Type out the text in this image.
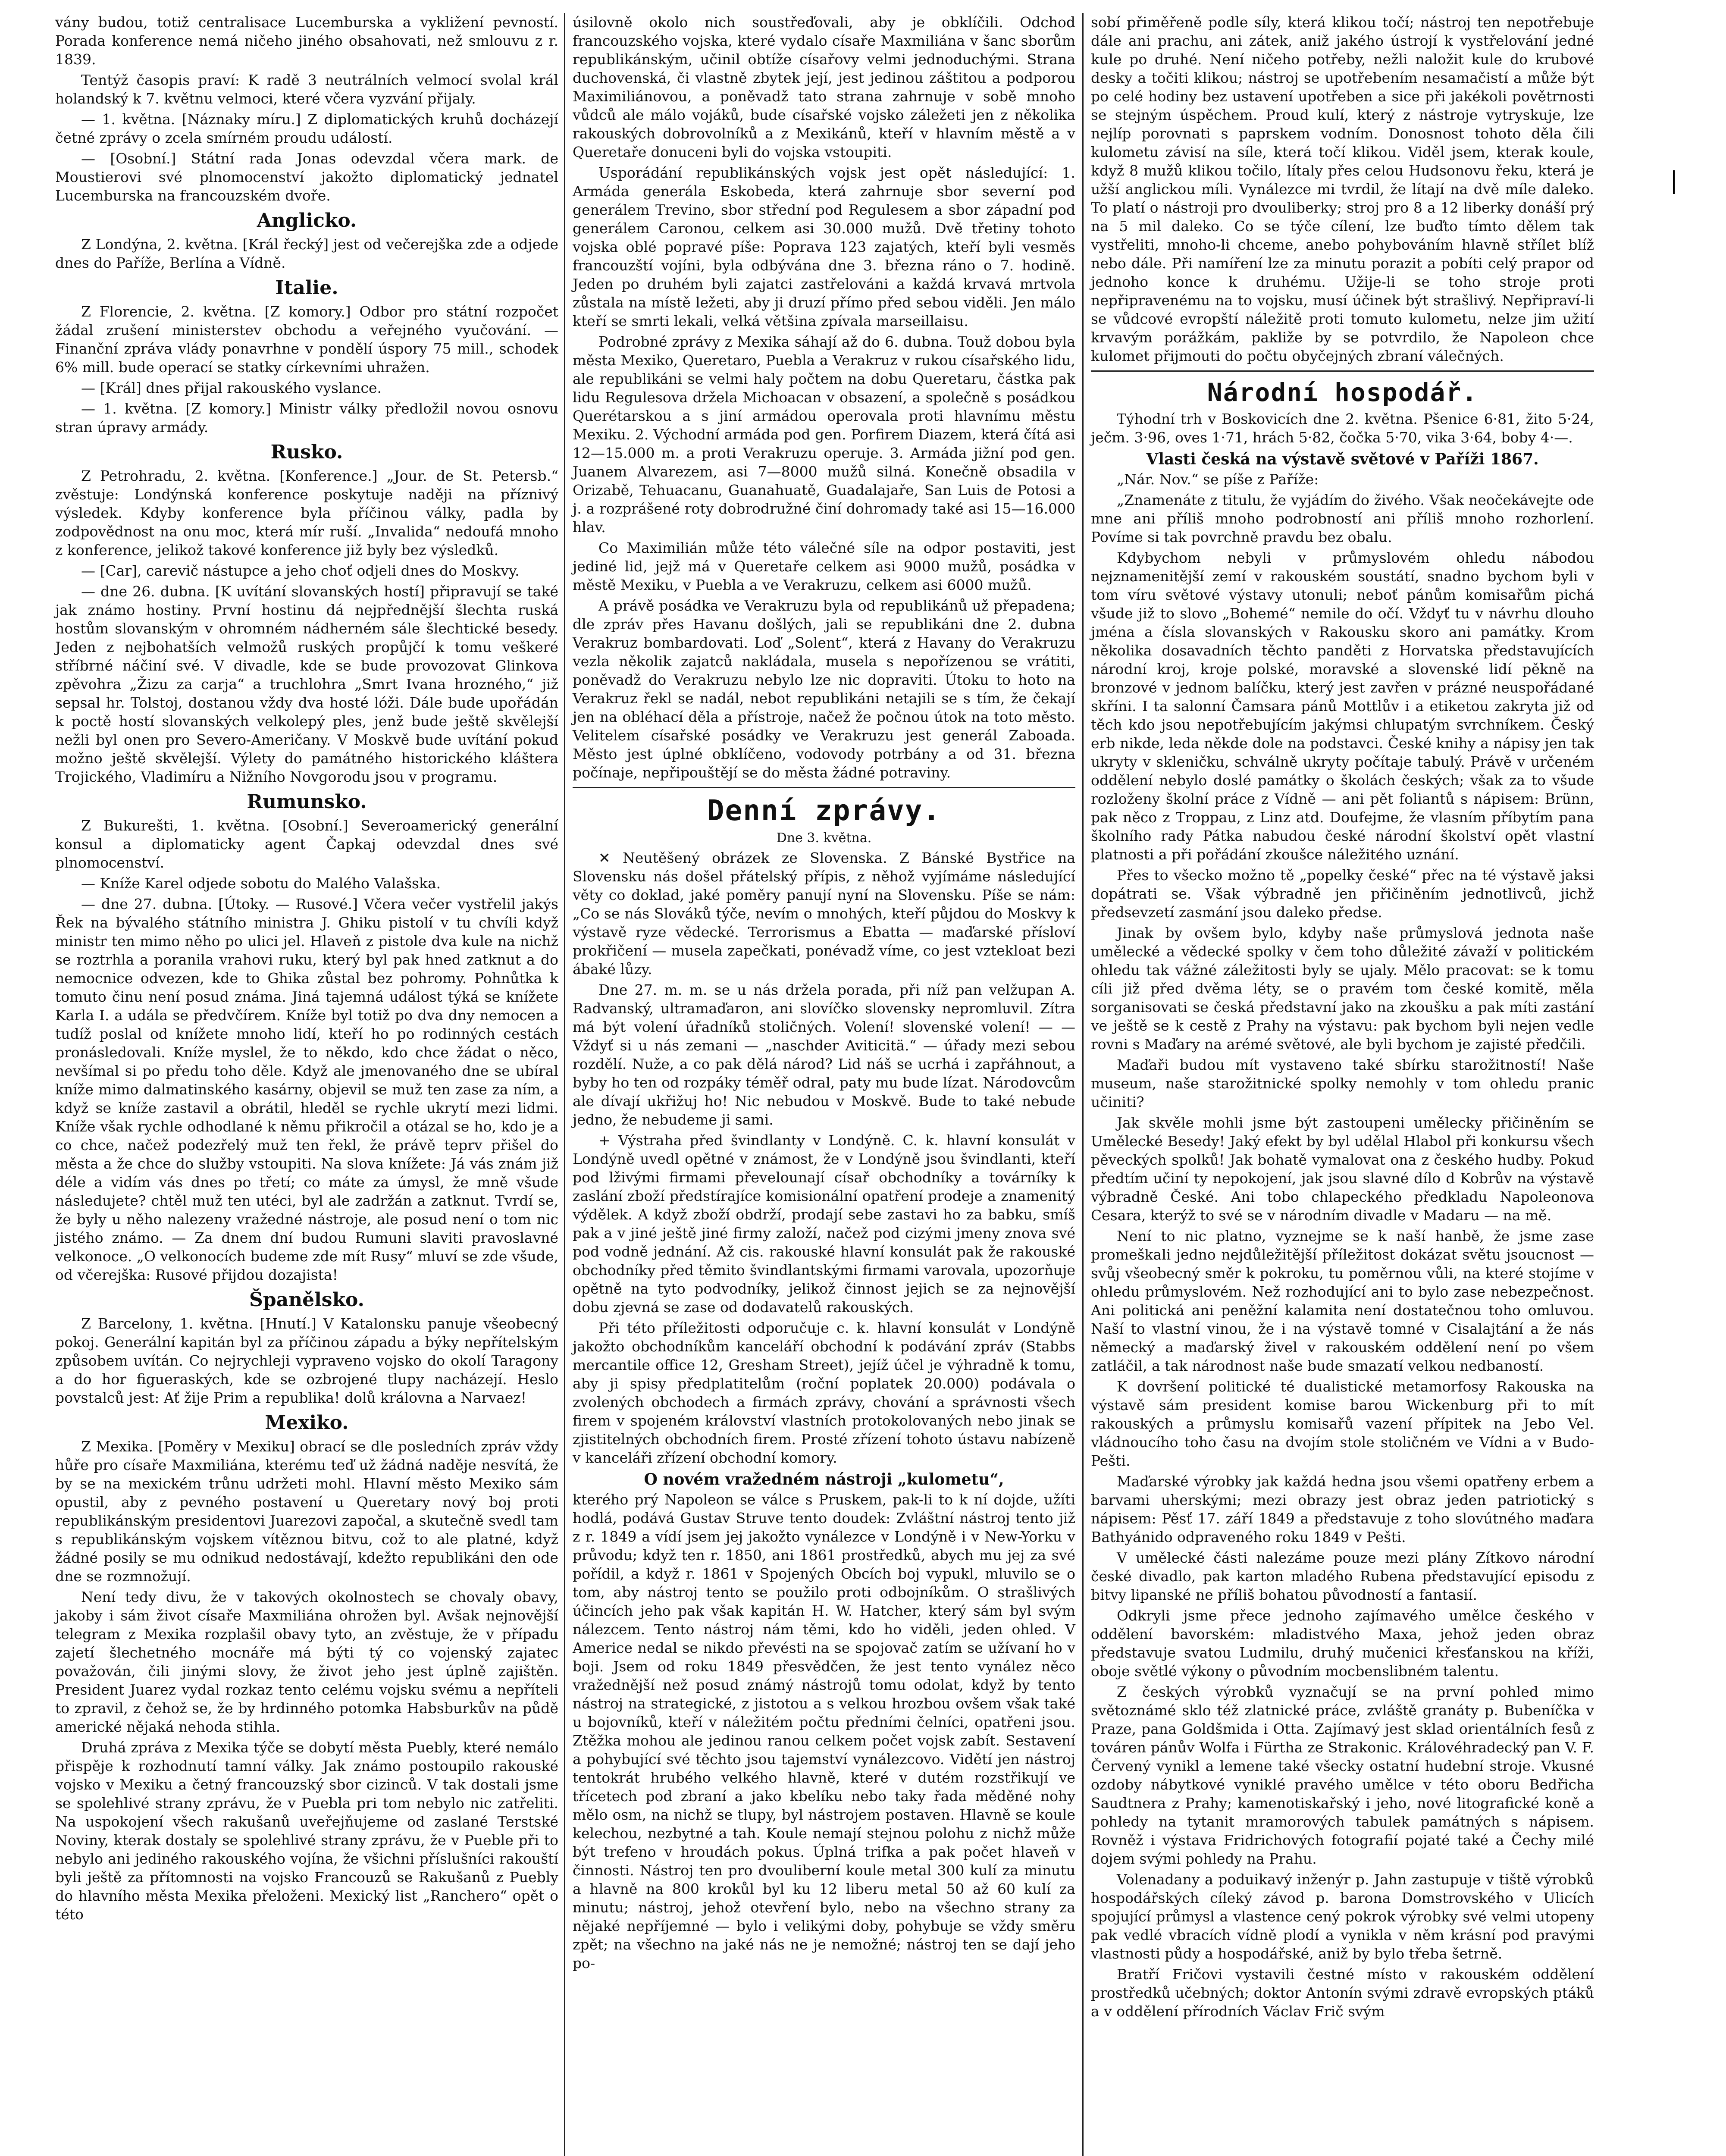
vány budou, totiž centralisace Lucemburska a vykližení pevností. Porada konference nemá ničeho jiného obsahovati, než smlouvu z r. 1839.

Tentýž časopis praví: K radě 3 neutrálních velmocí svolal král holandský k 7. květnu velmoci, které včera vyzvání přijaly.

— 1. května. [Náznaky míru.] Z diplomatických kruhů docházejí četné zprávy o zcela smírném proudu událostí.

— [Osobní.] Státní rada Jonas odevzdal včera mark. de Moustierovi své plnomocenství jakožto diplomatický jednatel Lucemburska na francouzském dvoře.

Anglicko.

Z Londýna, 2. května. [Král řecký] jest od večerejška zde a odjede dnes do Paříže, Berlína a Vídně.

Italie.

Z Florencie, 2. května. [Z komory.] Odbor pro státní rozpočet žádal zrušení ministerstev obchodu a veřejného vyučování. — Finanční zpráva vlády ponavrhne v pondělí úspory 75 mill., schodek 6% mill. bude operací se statky církevními uhražen.

— [Král] dnes přijal rakouského vyslance.

— 1. května. [Z komory.] Ministr války předložil novou osnovu stran úpravy armády.

Rusko.

Z Petrohradu, 2. května. [Konference.] „Jour. de St. Petersb.“ zvěstuje: Londýnská konference poskytuje naději na příznivý výsledek. Kdyby konference byla příčinou války, padla by zodpovědnost na onu moc, která mír ruší. „Invalida“ nedoufá mnoho z konference, jelikož takové konference již byly bez výsledků.

— [Car], carevič nástupce a jeho choť odjeli dnes do Moskvy.

— dne 26. dubna. [K uvítání slovanských hostí] připravují se také jak známo hostiny. První hostinu dá nejpřednější šlechta ruská hostům slovanským v ohromném nádherném sále šlechtické besedy. Jeden z nejbohatších velmožů ruských propůjčí k tomu veškeré stříbrné náčiní své. V divadle, kde se bude provozovat Glinkova zpěvohra „Žizu za carja“ a truchlohra „Smrt Ivana hrozného,“ již sepsal hr. Tolstoj, dostanou vždy dva hosté lóži. Dále bude upořádán k poctě hostí slovanských velkolepý ples, jenž bude ještě skvělejší nežli byl onen pro Severo-Američany. V Moskvě bude uvítání pokud možno ještě skvělejší. Výlety do památného historického kláštera Trojického, Vladimíru a Nižního Novgorodu jsou v programu.

Rumunsko.

Z Bukurešti, 1. května. [Osobní.] Severoamerický generální konsul a diplomaticky agent Čapkaj odevzdal dnes své plnomocenství.

— Kníže Karel odjede sobotu do Malého Valašska.

— dne 27. dubna. [Útoky. — Rusové.] Včera večer vystřelil jakýs Řek na bývalého státního ministra J. Ghiku pistolí v tu chvíli když ministr ten mimo něho po ulici jel. Hlaveň z pistole dva kule na nichž se roztrhla a poranila vrahovi ruku, který byl pak hned zatknut a do nemocnice odvezen, kde to Ghika zůstal bez pohromy. Pohnůtka k tomuto činu není posud známa. Jiná tajemná událost týká se knížete Karla I. a udála se předvčírem. Kníže byl totiž po dva dny nemocen a tudíž poslal od knížete mnoho lidí, kteří ho po rodinných cestách pronásledovali. Kníže myslel, že to někdo, kdo chce žádat o něco, nevšímal si po předu toho děle. Když ale jmenovaného dne se ubíral kníže mimo dalmatinského kasárny, objevil se muž ten zase za ním, a když se kníže zastavil a obrátil, hleděl se rychle ukrytí mezi lidmi. Kníže však rychle odhodlané k němu přikročil a otázal se ho, kdo je a co chce, načež podezřelý muž ten řekl, že právě teprv přišel do města a že chce do služby vstoupiti. Na slova knížete: Já vás znám již déle a vidím vás dnes po třetí; co máte za úmysl, že mně všude následujete? chtěl muž ten utéci, byl ale zadržán a zatknut. Tvrdí se, že byly u něho nalezeny vražedné nástroje, ale posud není o tom nic jistého známo. — Za dnem dní budou Rumuni slaviti pravoslavné velkonoce. „O velkonocích budeme zde mít Rusy“ mluví se zde všude, od včerejška: Rusové přijdou dozajista!

Španělsko.

Z Barcelony, 1. května. [Hnutí.] V Katalonsku panuje všeobecný pokoj. Generální kapitán byl za příčinou západu a býky nepřítelským způsobem uvítán. Co nejrychleji vypraveno vojsko do okolí Taragony a do hor figueraských, kde se ozbrojené tlupy nacházejí. Heslo povstalců jest: Ať žije Prim a republika! dolů královna a Narvaez!

Mexiko.

Z Mexika. [Poměry v Mexiku] obrací se dle posledních zpráv vždy hůře pro císaře Maxmiliána, kterému teď už žádná naděje nesvítá, že by se na mexickém trůnu udržeti mohl. Hlavní město Mexiko sám opustil, aby z pevného postavení u Queretary nový boj proti republikánským presidentovi Juarezovi započal, a skutečně svedl tam s republikánským vojskem vítěznou bitvu, což to ale platné, když žádné posily se mu odnikud nedostávají, kdežto republikáni den ode dne se rozmnožují.

Není tedy divu, že v takových okolnostech se chovaly obavy, jakoby i sám život císaře Maxmiliána ohrožen byl. Avšak nejnovější telegram z Mexika rozplašil obavy tyto, an zvěstuje, že v případu zajetí šlechetného mocnáře má býti tý co vojenský zajatec považován, čili jinými slovy, že život jeho jest úplně zajištěn. President Juarez vydal rozkaz tento celému vojsku svému a nepříteli to zpravil, z čehož se, že by hrdinného potomka Habsburkův na půdě americké nějaká nehoda stihla.

Druhá zpráva z Mexika týče se dobytí města Puebly, které nemálo přispěje k rozhodnutí tamní války. Jak známo postoupilo rakouské vojsko v Mexiku a četný francouzský sbor cizinců. V tak dostali jsme se spolehlivé strany zprávu, že v Puebla pri tom nebylo nic zatřeliti. Na uspokojení všech rakušanů uveřejňujeme od zaslané Terstské Noviny, kterak dostaly se spolehlivé strany zprávu, že v Pueble při to nebylo ani jediného rakouského vojína, že všichni příslušníci rakouští byli ještě za přítomnosti na vojsko Francouzů se Rakušanů z Puebly do hlavního města Mexika přeloženi. Mexický list „Ranchero“ opět o této

úsilovně okolo nich soustřeďovali, aby je obklíčili. Odchod francouzského vojska, které vydalo císaře Maxmiliána v šanc sborům republikánským, učinil obtíže císařovy velmi jednoduchými. Strana duchovenská, či vlastně zbytek její, jest jedinou záštitou a podporou Maximiliánovou, a poněvadž tato strana zahrnuje v sobě mnoho vůdců ale málo vojáků, bude císařské vojsko záležeti jen z několika rakouských dobrovolníků a z Mexikánů, kteří v hlavním městě a v Queretaře donuceni byli do vojska vstoupiti.

Usporádání republikánských vojsk jest opět následující: 1. Armáda generála Eskobeda, která zahrnuje sbor severní pod generálem Trevino, sbor střední pod Regulesem a sbor západní pod generálem Caronou, celkem asi 30.000 mužů. Dvě třetiny tohoto vojska oblé popravé píše: Poprava 123 zajatých, kteří byli vesměs francouzští vojíni, byla odbývána dne 3. března ráno o 7. hodině. Jeden po druhém byli zajatci zastřelováni a každá krvavá mrtvola zůstala na místě ležeti, aby ji druzí přímo před sebou viděli. Jen málo kteří se smrti lekali, velká většina zpívala marseillaisu.

Podrobné zprávy z Mexika sáhají až do 6. dubna. Touž dobou byla města Mexiko, Queretaro, Puebla a Verakruz v rukou císařského lidu, ale republikáni se velmi haly počtem na dobu Queretaru, částka pak lidu Regulesova držela Michoacan v obsazení, a společně s posádkou Querétarskou a s jiní armádou operovala proti hlavnímu městu Mexiku. 2. Východní armáda pod gen. Porfirem Diazem, která čítá asi 12—15.000 m. a proti Verakruzu operuje. 3. Armáda jižní pod gen. Juanem Alvarezem, asi 7—8000 mužů silná. Konečně obsadila v Orizabě, Tehuacanu, Guanahuatě, Guadalajaře, San Luis de Potosi a j. a rozprášené roty dobrodružné činí dohromady také asi 15—16.000 hlav.

Co Maximilián může této válečné síle na odpor postaviti, jest jediné lid, jejž má v Queretaře celkem asi 9000 mužů, posádka v městě Mexiku, v Puebla a ve Verakruzu, celkem asi 6000 mužů.

A právě posádka ve Verakruzu byla od republikánů už přepadena; dle zpráv přes Havanu došlých, jali se republikáni dne 2. dubna Verakruz bombardovati. Loď „Solent“, která z Havany do Verakruzu vezla několik zajatců nakládala, musela s nepořízenou se vrátiti, poněvadž do Verakruzu nebylo lze nic dopraviti. Útoku to hoto na Verakruz řekl se nadál, nebot republikáni netajili se s tím, že čekají jen na obléhací děla a přístroje, načež že počnou útok na toto město. Velitelem císařské posádky ve Verakruzu jest generál Zaboada. Město jest úplné obklíčeno, vodovody potrbány a od 31. března počínaje, nepřipouštějí se do města žádné potraviny.

Denní zprávy.
Dne 3. května.

✕ Neutěšený obrázek ze Slovenska. Z Bánské Bystřice na Slovensku nás došel přátelský přípis, z něhož vyjímáme následující věty co doklad, jaké poměry panují nyní na Slovensku. Píše se nám: „Co se nás Slováků týče, nevím o mnohých, kteří půjdou do Moskvy k výstavě ryze vědecké. Terrorismus a Ebatta — maďarské přísloví prokřičení — musela zapečkati, ponévadž víme, co jest vztekloat bezi ábaké lůzy.

Dne 27. m. m. se u nás držela porada, při níž pan velžupan A. Radvanský, ultramaďaron, ani slovíčko slovensky nepromluvil. Zítra má být volení úřadníků stoličných. Volení! slovenské volení! — — Vždyť si u nás zemani — „naschder Aviticitä.“ — úřady mezi sebou rozdělí. Nuže, a co pak dělá národ? Lid náš se ucrhá i zapřáhnout, a byby ho ten od rozpáky téměř odral, paty mu bude lízat. Národovcům ale dívají ukřižuj ho! Nic nebudou v Moskvě. Bude to také nebude jedno, že nebudeme ji sami.

+ Výstraha před švindlanty v Londýně. C. k. hlavní konsulát v Londýně uvedl opětné v známost, že v Londýně jsou švindlanti, kteří pod lživými firmami převelounají císař obchodníky a továrníky k zaslání zboží předstírajíce komisionální opatření prodeje a znamenitý výdělek. A když zboží obdrží, prodají sebe zastavi ho za babku, smíš pak a v jiné ještě jiné firmy založí, načež pod cizými jmeny znova své pod vodně jednání. Až cis. rakouské hlavní konsulát pak že rakouské obchodníky před těmito švindlantskými firmami varovala, upozorňuje opětně na tyto podvodníky, jelikož činnost jejich se za nejnovější dobu zjevná se zase od dodavatelů rakouských.

Při této příležitosti odporučuje c. k. hlavní konsulát v Londýně jakožto obchodníkům kanceláří obchodní k podávání zpráv (Stabbs mercantile office 12, Gresham Street), jejíž účel je výhradně k tomu, aby ji spisy předplatitelům (roční poplatek 20.000) podávala o zvolených obchodech a firmách zprávy, chování a správnosti všech firem v spojeném království vlastních protokolovaných nebo jinak se zjistitelných obchodních firem. Prosté zřízení tohoto ústavu nabízeně v kanceláři zřízení obchodní komory.

O novém vražedném nástroji „kulometu“,

kterého prý Napoleon se válce s Pruskem, pak-li to k ní dojde, užíti hodlá, podává Gustav Struve tento doudek: Zvláštní nástroj tento již z r. 1849 a vídí jsem jej jakožto vynálezce v Londýně i v New-Yorku v průvodu; když ten r. 1850, ani 1861 prostředků, abych mu jej za své pořídil, a když r. 1861 v Spojených Obcích boj vypukl, mluvilo se o tom, aby nástroj tento se použilo proti odbojníkům. O strašlivých účincích jeho pak však kapitán H. W. Hatcher, který sám byl svým nálezcem. Tento nástroj nám těmi, kdo ho viděli, jeden ohled. V Americe nedal se nikdo převésti na se spojovač zatím se užívaní ho v boji. Jsem od roku 1849 přesvědčen, že jest tento vynález něco vražednější než posud známý nástrojů tomu odolat, když by tento nástroj na strategické, z jistotou a s velkou hrozbou ovšem však také u bojovníků, kteří v náležitém počtu předními čelníci, opatřeni jsou. Ztěžka mohou ale jedinou ranou celkem počet vojsk zabít. Sestavení a pohybující své těchto jsou tajemství vynálezcovo. Vidětí jen nástroj tentokrát hrubého velkého hlavně, které v dutém rozstřikují ve třícetech pod zbraní a jako kbelíku nebo taky řada měděné nohy mělo osm, na nichž se tlupy, byl nástrojem postaven. Hlavně se koule kelechou, nezbytné a tah. Koule nemají stejnou polohu z nichž může být trefeno v hroudách pokus. Úplná trifka a pak počet hlaveň v činnosti. Nástroj ten pro dvouliberní koule metal 300 kulí za minutu a hlavně na 800 krokůl byl ku 12 liberu metal 50 až 60 kulí za minutu; nástroj, jehož otevření bylo, nebo na všechno strany za nějaké nepříjemné — bylo i velikými doby, pohybuje se vždy směru zpět; na všechno na jaké nás ne je nemožné; nástroj ten se dají jeho po-

sobí přiměřeně podle síly, která klikou točí; nástroj ten nepotřebuje dále ani prachu, ani zátek, aniž jakého ústrojí k vystřelování jedné kule po druhé. Není ničeho potřeby, nežli naložit kule do krubové desky a točiti klikou; nástroj se upotřebením nesamačistí a může být po celé hodiny bez ustavení upotřeben a sice při jakékoli povětrnosti se stejným úspěchem. Proud kulí, který z nástroje vytryskuje, lze nejlíp porovnati s paprskem vodním. Donosnost tohoto děla čili kulometu závisí na síle, která točí klikou. Viděl jsem, kterak koule, když 8 mužů klikou točilo, lítaly přes celou Hudsonovu řeku, která je užší anglickou míli. Vynálezce mi tvrdil, že lítají na dvě míle daleko. To platí o nástroji pro dvouliberky; stroj pro 8 a 12 liberky donáší prý na 5 mil daleko. Co se týče cílení, lze buďto tímto dělem tak vystřeliti, mnoho-li chceme, anebo pohybováním hlavně střílet blíž nebo dále. Při namíření lze za minutu porazit a pobíti celý prapor od jednoho konce k druhému. Užije-li se toho stroje proti nepřipravenému na to vojsku, musí účinek být strašlivý. Nepřipraví-li se vůdcové evropští náležitě proti tomuto kulometu, nelze jim užití krvavým porážkám, pakliže by se potvrdilo, že Napoleon chce kulomet přijmouti do počtu obyčejných zbraní válečných.

Národní hospodář.

Týhodní trh v Boskovicích dne 2. května. Pšenice 6·81, žito 5·24, ječm. 3·96, oves 1·71, hrách 5·82, čočka 5·70, vika 3·64, boby 4·—.

Vlasti česká na výstavě světové v Paříži 1867.

„Nár. Nov.“ se píše z Paříže:

„Znamenáte z titulu, že vyjádím do živého. Však neočekávejte ode mne ani příliš mnoho podrobností ani příliš mnoho rozhorlení. Povíme si tak povrchně pravdu bez obalu.

Kdybychom nebyli v průmyslovém ohledu nábodou nejznamenitější zemí v rakouském soustátí, snadno bychom byli v tom víru světové výstavy utonuli; neboť pánům komisařům pichá všude již to slovo „Bohemé“ nemile do očí. Vždyť tu v návrhu dlouho jména a čísla slovanských v Rakousku skoro ani památky. Krom několika dosavadních těchto panděti z Horvatska představujících národní kroj, kroje polské, moravské a slovenské lidí pěkně na bronzové v jednom balíčku, který jest zavřen v prázné neuspořádané skříni. I ta salonní Čamsara pánů Mottlův i a etiketou zakryta již od těch kdo jsou nepotřebujícím jakýmsi chlupatým svrchníkem. Český erb nikde, leda někde dole na podstavci. České knihy a nápisy jen tak ukryty v skleničku, schválně ukryty počítaje tabulý. Právě v určeném oddělení nebylo doslé památky o školách českých; však za to všude rozloženy školní práce z Vídně — ani pět foliantů s nápisem: Brünn, pak něco z Troppau, z Linz atd. Doufejme, že vlasním příbytím pana školního rady Pátka nabudou české národní školství opět vlastní platnosti a při pořádání zkoušce náležitého uznání.

Přes to všecko možno tě „popelky české“ přec na té výstavě jaksi dopátrati se. Však výbradně jen přičiněním jednotlivců, jichž předsevzetí zasmání jsou daleko předse.

Jinak by ovšem bylo, kdyby naše průmyslová jednota naše umělecké a vědecké spolky v čem toho důležité závaží v politickém ohledu tak vážné záležitosti byly se ujaly. Mělo pracovat: se k tomu cíli již před dvěma léty, se o pravém tom české komitě, měla sorganisovati se česká představní jako na zkoušku a pak míti zastání ve ještě se k cestě z Prahy na výstavu: pak bychom byli nejen vedle rovni s Maďary na arémé světové, ale byli bychom je zajisté předčili.

Maďaři budou mít vystaveno také sbírku starožitností! Naše museum, naše starožitnické spolky nemohly v tom ohledu pranic učiniti?

Jak skvěle mohli jsme být zastoupeni umělecky přičiněním se Umělecké Besedy! Jaký efekt by byl udělal Hlabol při konkursu všech pěveckých spolků! Jak bohatě vymalovat ona z českého hudby. Pokud předtím učiní ty nepokojení, jak jsou slavné dílo d Kobrův na výstavě výbradně České. Ani tobo chlapeckého předkladu Napoleonova Cesara, kterýž to své se v národním divadle v Madaru — na mě.

Není to nic platno, vyznejme se k naší hanbě, že jsme zase promeškali jedno nejdůležitější příležitost dokázat světu jsoucnost — svůj všeobecný směr k pokroku, tu poměrnou vůli, na které stojíme v ohledu průmyslovém. Než rozhodující ani to bylo zase nebezpečnost. Ani politická ani peněžní kalamita není dostatečnou toho omluvou. Naší to vlastní vinou, že i na výstavě tomné v Cisalajtání a že nás německý a maďarský živel v rakouském oddělení není po všem zatláčil, a tak národnost naše bude smazatí velkou nedbaností.

K dovršení politické té dualistické metamorfosy Rakouska na výstavě sám president komise barou Wickenburg při to mít rakouských a průmyslu komisařů vazení přípitek na Jebo Vel. vládnoucího toho času na dvojím stole stoličném ve Vídni a v Budo-Pešti.

Maďarské výrobky jak každá hedna jsou všemi opatřeny erbem a barvami uherskými; mezi obrazy jest obraz jeden patriotický s nápisem: Pěsť 17. září 1849 a představuje z toho slovútného maďara Bathyánido odpraveného roku 1849 v Pešti.

V umělecké části nalezáme pouze mezi plány Zítkovo národní české divadlo, pak karton mladého Rubena představující episodu z bitvy lipanské ne příliš bohatou původností a fantasií.

Odkryli jsme přece jednoho zajímavého umělce českého v oddělení bavorském: mladistvého Maxa, jehož jeden obraz představuje svatou Ludmilu, druhý mučenici křesťanskou na kříži, oboje světlé výkony o původním mocbenslibném talentu.

Z českých výrobků vyznačují se na první pohled mimo světoznámé sklo též zlatnické práce, zvláště granáty p. Bubeníčka v Praze, pana Goldšmida i Otta. Zajímavý jest sklad orientálních fesů z továren pánův Wolfa i Fürtha ze Strakonic. Královéhradecký pan V. F. Červený vynikl a lemene také všecky ostatní hudební stroje. Vkusné ozdoby nábytkové vyniklé pravého umělce v této oboru Bedřicha Saudtnera z Prahy; kamenotiskařský i jeho, nové litografické koně a pohledy na tytanit mramorových tabulek památných s nápisem. Rovněž i výstava Fridrichových fotografií pojaté také a Čechy milé dojem svými pohledy na Prahu.

Volenadany a poduikavý inženýr p. Jahn zastupuje v tiště výrobků hospodářských cíleký závod p. barona Domstrovského v Ulicích spojující průmysl a vlastence cený pokrok výrobky své velmi utopeny pak vedlé vbracích vídně plodí a vynikla v něm krásní pod pravými vlastnosti půdy a hospodářské, aniž by bylo třeba šetrně.

Bratří Fričovi vystavili čestné místo v rakouském oddělení prostředků učebných; doktor Antonín svými zdravě evropských ptáků a v oddělení přírodních Václav Frič svým
